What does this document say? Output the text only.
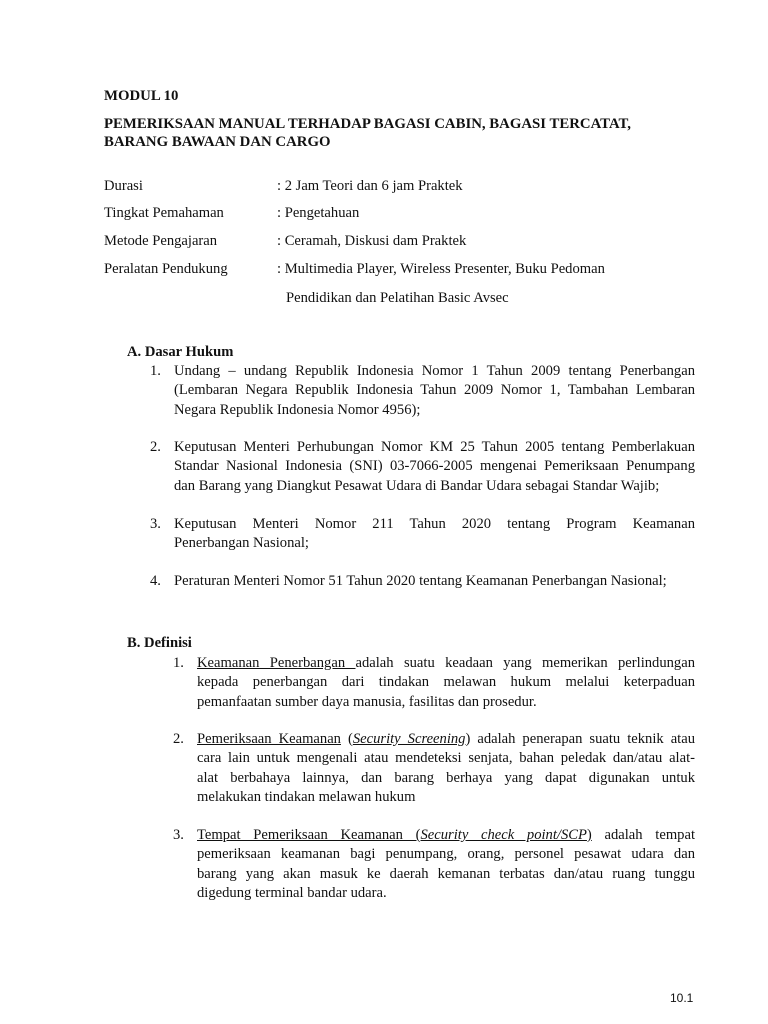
MODUL 10
PEMERIKSAAN MANUAL TERHADAP BAGASI CABIN, BAGASI TERCATAT,
BARANG BAWAAN DAN CARGO
Durasi	: 2 Jam Teori dan 6 jam Praktek
Tingkat Pemahaman	: Pengetahuan
Metode Pengajaran	: Ceramah, Diskusi dam Praktek
Peralatan Pendukung	: Multimedia Player, Wireless Presenter, Buku Pedoman
Pendidikan dan Pelatihan Basic Avsec
A. Dasar Hukum
1. Undang – undang Republik Indonesia Nomor 1 Tahun 2009 tentang Penerbangan
(Lembaran Negara Republik Indonesia Tahun 2009 Nomor 1, Tambahan Lembaran
Negara Republik Indonesia Nomor 4956);
2. Keputusan Menteri Perhubungan Nomor KM 25 Tahun 2005 tentang Pemberlakuan
Standar Nasional Indonesia (SNI) 03-7066-2005 mengenai Pemeriksaan Penumpang
dan Barang yang Diangkut Pesawat Udara di Bandar Udara sebagai Standar Wajib;
3. Keputusan Menteri Nomor 211 Tahun 2020 tentang Program Keamanan
Penerbangan Nasional;
4. Peraturan Menteri Nomor 51 Tahun 2020 tentang Keamanan Penerbangan Nasional;
B. Definisi
1. Keamanan Penerbangan adalah suatu keadaan yang memerikan perlindungan
kepada penerbangan dari tindakan melawan hukum melalui keterpaduan
pemanfaatan sumber daya manusia, fasilitas dan prosedur.
2. Pemeriksaan Keamanan (Security Screening) adalah penerapan suatu teknik atau
cara lain untuk mengenali atau mendeteksi senjata, bahan peledak dan/atau alat-
alat berbahaya lainnya, dan barang berhaya yang dapat digunakan untuk
melakukan tindakan melawan hukum
3. Tempat Pemeriksaan Keamanan (Security check point/SCP) adalah tempat
pemeriksaan keamanan bagi penumpang, orang, personel pesawat udara dan
barang yang akan masuk ke daerah kemanan terbatas dan/atau ruang tunggu
digedung terminal bandar udara.
10.1
